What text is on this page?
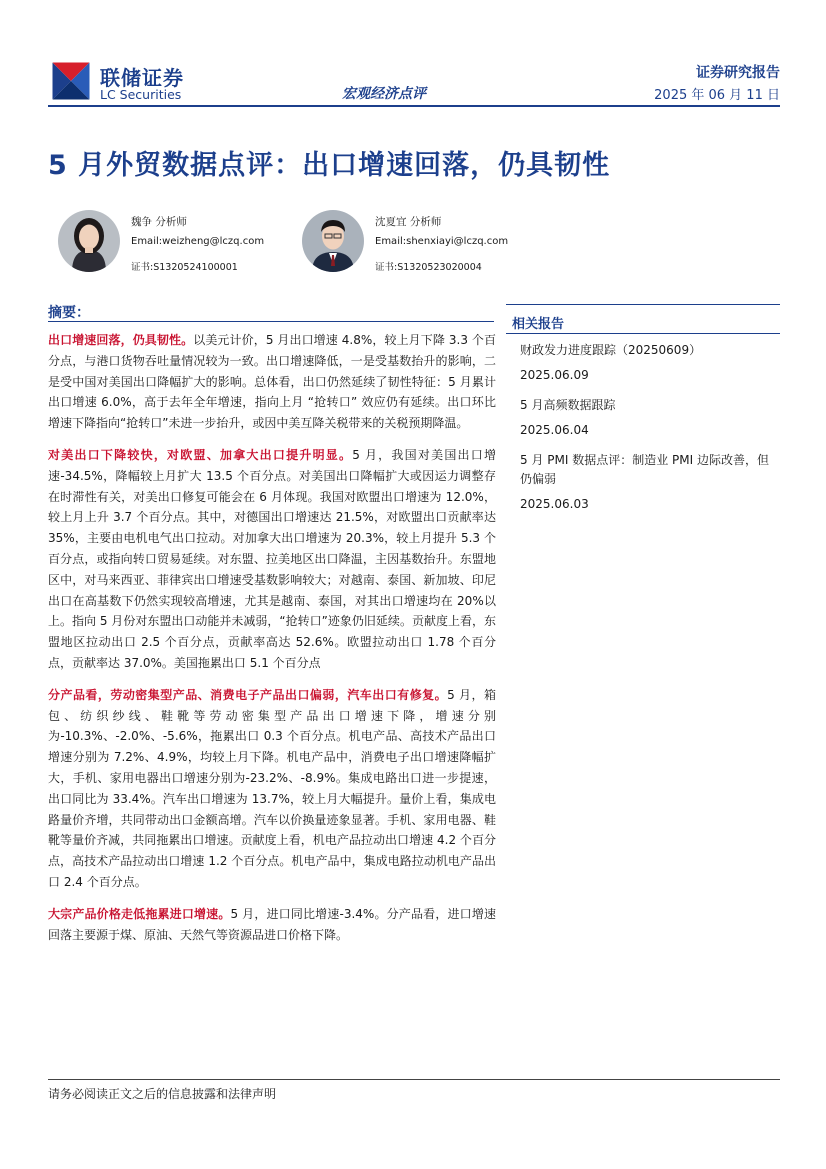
联储证券
LC Securities	宏观经济点评
证券研究报告
2025 年 06 月 11 日
5 月外贸数据点评：出口增速回落，仍具韧性
魏争 分析师
Email:weizheng@lczq.com
证书:S1320524100001
沈夏宜 分析师
Email:shenxiayi@lczq.com
证书:S1320523020004
摘要：

出口增速回落，仍具韧性。以美元计价，5 月出口增速 4.8%，较上月下降 3.3 个百分点，与港口货物吞吐量情况较为一致。出口增速降低，一是受基数抬升的影响，二是受中国对美国出口降幅扩大的影响。总体看，出口仍然延续了韧性特征：5 月累计出口增速 6.0%，高于去年全年增速，指向上月 “抢转口” 效应仍有延续。出口环比增速下降指向“抢转口”未进一步抬升，或因中美互降关税带来的关税预期降温。

对美出口下降较快，对欧盟、加拿大出口提升明显。5 月，我国对美国出口增速-34.5%，降幅较上月扩大 13.5 个百分点。对美国出口降幅扩大或因运力调整存在时滞性有关，对美出口修复可能会在 6 月体现。我国对欧盟出口增速为 12.0%，较上月上升 3.7 个百分点。其中，对德国出口增速达 21.5%，对欧盟出口贡献率达 35%，主要由电机电气出口拉动。对加拿大出口增速为 20.3%，较上月提升 5.3 个百分点，或指向转口贸易延续。对东盟、拉美地区出口降温，主因基数抬升。东盟地区中，对马来西亚、菲律宾出口增速受基数影响较大；对越南、泰国、新加坡、印尼出口在高基数下仍然实现较高增速，尤其是越南、泰国，对其出口增速均在 20%以上。指向 5 月份对东盟出口动能并未减弱，“抢转口”迹象仍旧延续。贡献度上看，东盟地区拉动出口 2.5 个百分点，贡献率高达 52.6%。欧盟拉动出口 1.78 个百分点，贡献率达 37.0%。美国拖累出口 5.1 个百分点

分产品看，劳动密集型产品、消费电子产品出口偏弱，汽车出口有修复。5 月，箱包、纺织纱线、鞋靴等劳动密集型产品出口增速下降，增速分别为-10.3%、-2.0%、-5.6%，拖累出口 0.3 个百分点。机电产品、高技术产品出口增速分别为 7.2%、4.9%，均较上月下降。机电产品中，消费电子出口增速降幅扩大，手机、家用电器出口增速分别为-23.2%、-8.9%。集成电路出口进一步提速，出口同比为 33.4%。汽车出口增速为 13.7%，较上月大幅提升。量价上看，集成电路量价齐增，共同带动出口金额高增。汽车以价换量迹象显著。手机、家用电器、鞋靴等量价齐减，共同拖累出口增速。贡献度上看，机电产品拉动出口增速 4.2 个百分点，高技术产品拉动出口增速 1.2 个百分点。机电产品中，集成电路拉动机电产品出口 2.4 个百分点。

大宗产品价格走低拖累进口增速。5 月，进口同比增速-3.4%。分产品看，进口增速回落主要源于煤、原油、天然气等资源品进口价格下降。

相关报告
财政发力进度跟踪（20250609）
2025.06.09
5 月高频数据跟踪
2025.06.04
5 月 PMI 数据点评：制造业 PMI 边际改善，但仍偏弱
2025.06.03
请务必阅读正文之后的信息披露和法律声明
